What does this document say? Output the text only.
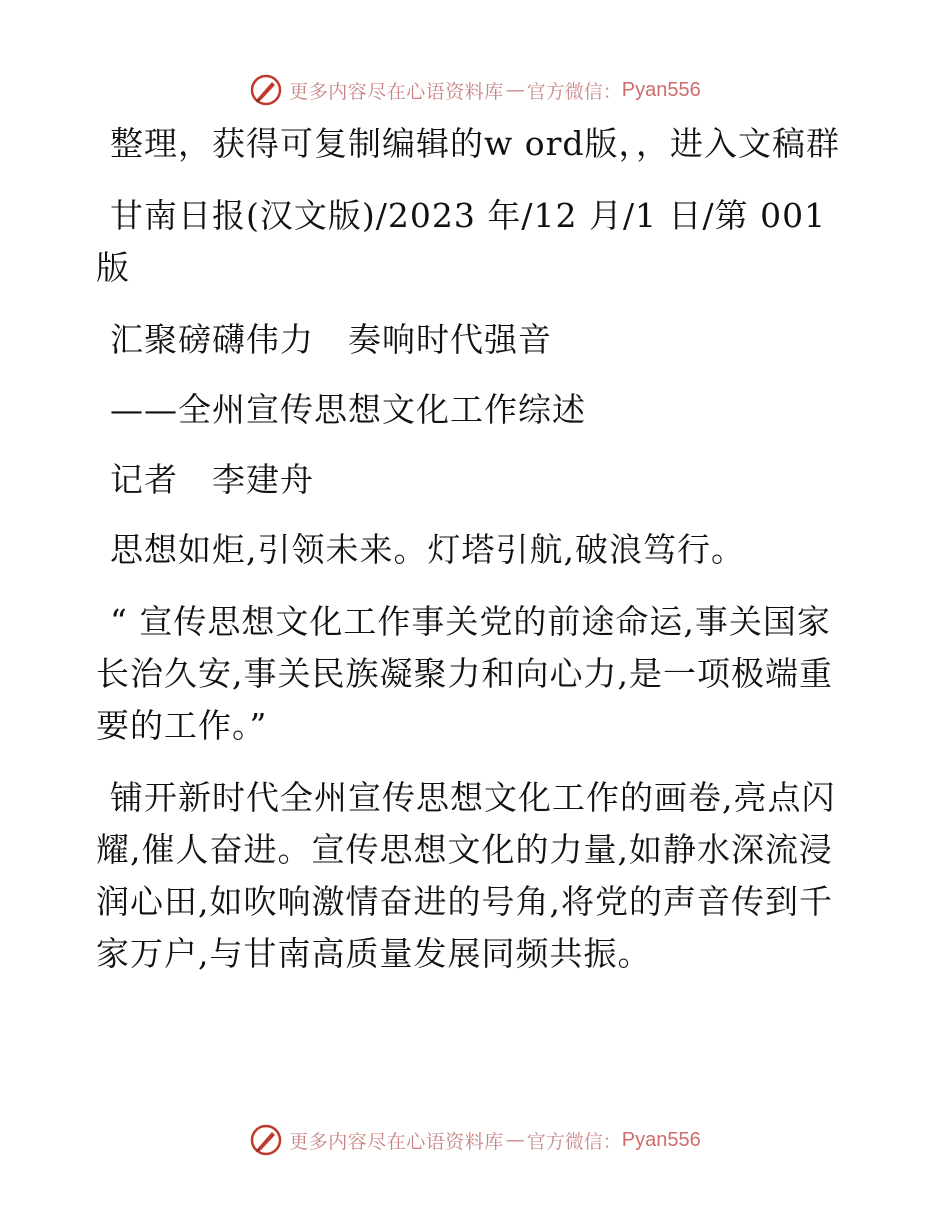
更多内容尽在心语资料库 — 官方微信： Pyan556

整理，获得可复制编辑的w ord版，，进入文稿群

甘南日报(汉文版)/2023 年/12 月/1 日/第 001 版

汇聚磅礴伟力　奏响时代强音

——全州宣传思想文化工作综述

记者　李建舟

思想如炬,引领未来。灯塔引航,破浪笃行。

“ 宣传思想文化工作事关党的前途命运,事关国家长治久安,事关民族凝聚力和向心力,是一项极端重要的工作。”

铺开新时代全州宣传思想文化工作的画卷,亮点闪耀,催人奋进。宣传思想文化的力量,如静水深流浸润心田,如吹响激情奋进的号角,将党的声音传到千家万户,与甘南高质量发展同频共振。

更多内容尽在心语资料库 — 官方微信： Pyan556
